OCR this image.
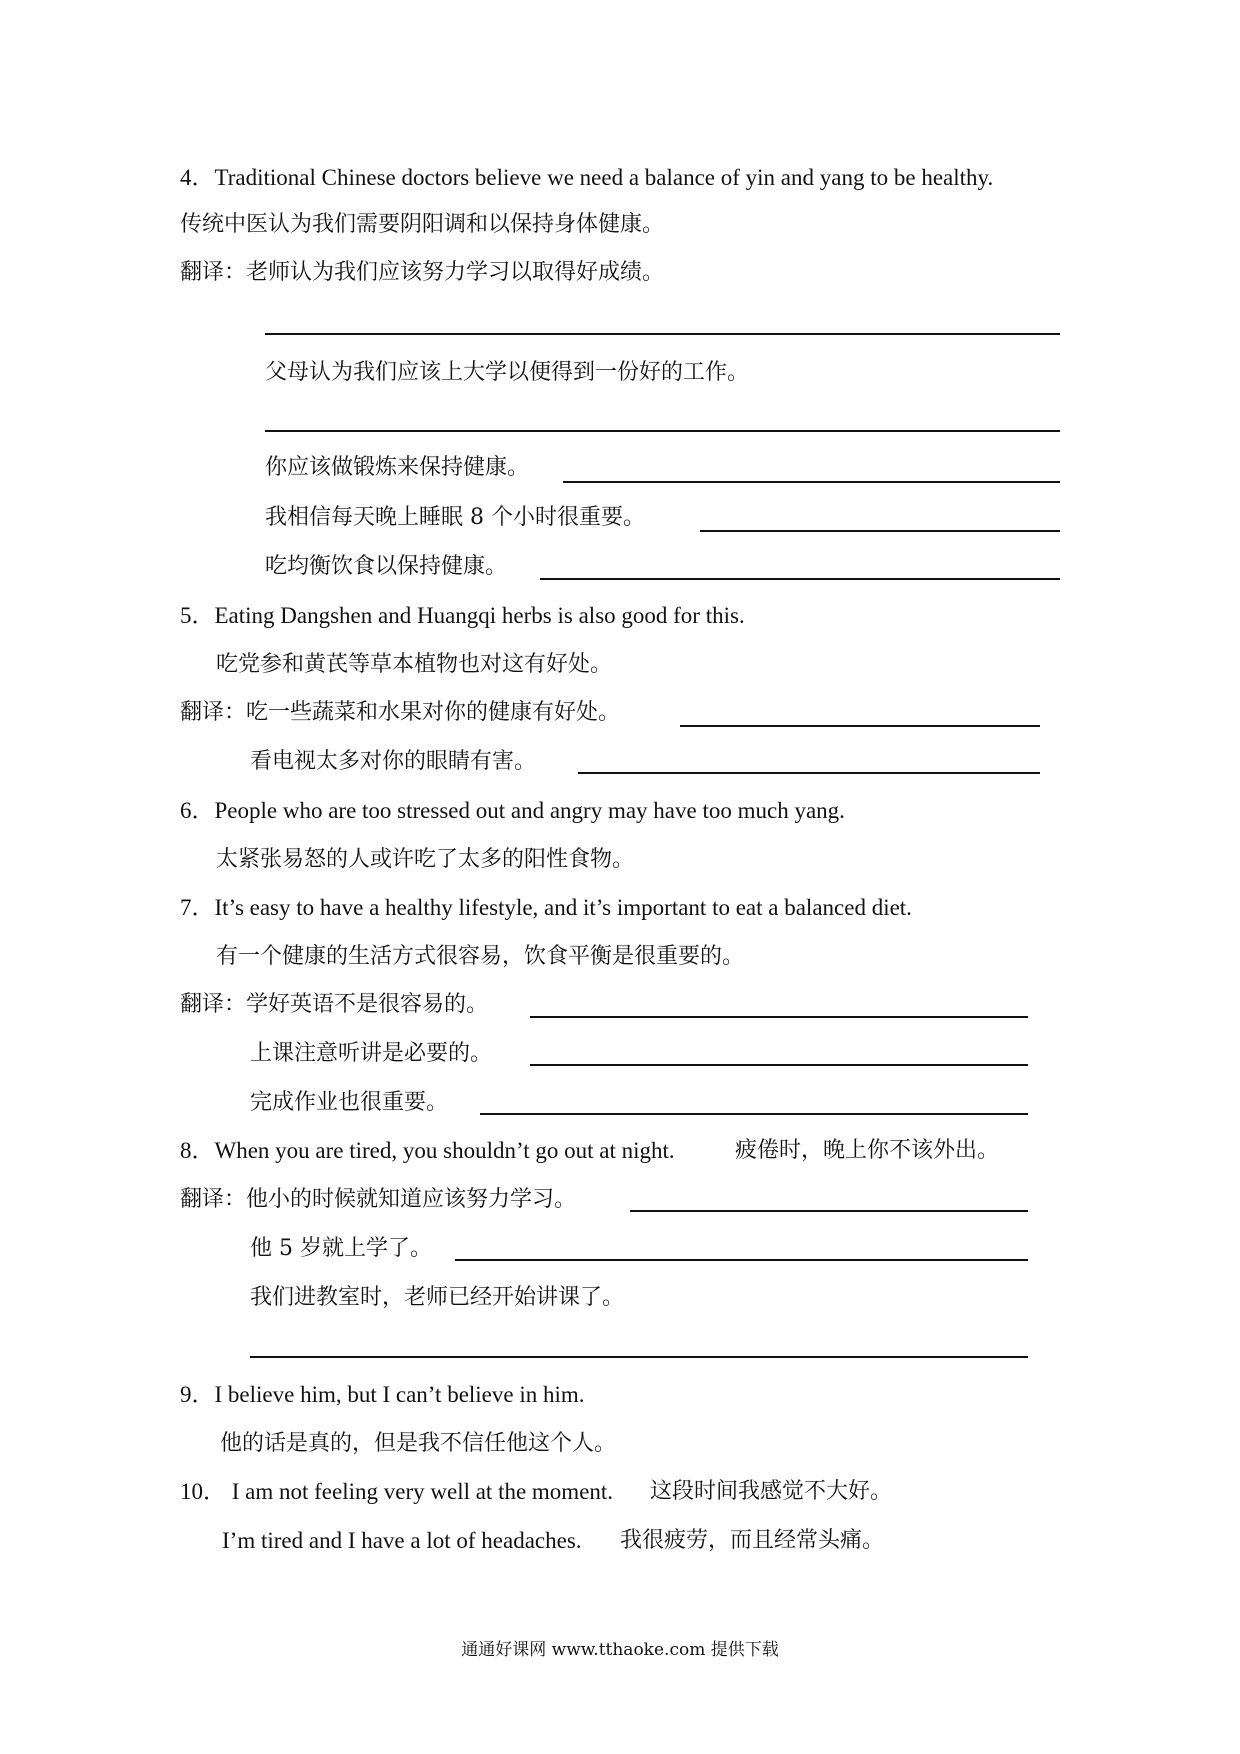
4．Traditional Chinese doctors believe we need a balance of yin and yang to be healthy.
传统中医认为我们需要阴阳调和以保持身体健康。
翻译： 老师认为我们应该努力学习以取得好成绩。
父母认为我们应该上大学以便得到一份好的工作。
你应该做锻炼来保持健康。
我相信每天晚上睡眠 8 个小时很重要。
吃均衡饮食以保持健康。
5．Eating Dangshen and Huangqi herbs is also good for this.
吃党参和黄芪等草本植物也对这有好处。
翻译： 吃一些蔬菜和水果对你的健康有好处。
看电视太多对你的眼睛有害。
6．People who are too stressed out and angry may have too much yang.
太紧张易怒的人或许吃了太多的阳性食物。
7．It’s easy to have a healthy lifestyle, and it’s important to eat a balanced diet.
有一个健康的生活方式很容易，饮食平衡是很重要的。
翻译： 学好英语不是很容易的。
上课注意听讲是必要的。
完成作业也很重要。
8．When you are tired, you shouldn’t go out at night.	疲倦时，晚上你不该外出。
翻译： 他小的时候就知道应该努力学习。
他 5 岁就上学了。
我们进教室时，老师已经开始讲课了。
9．I believe him, but I can’t believe in him.
他的话是真的，但是我不信任他这个人。
10． I am not feeling very well at the moment. 这段时间我感觉不大好。
I’m tired and I have a lot of headaches. 我很疲劳，而且经常头痛。
通通好课网 www.tthaoke.com 提供下载
